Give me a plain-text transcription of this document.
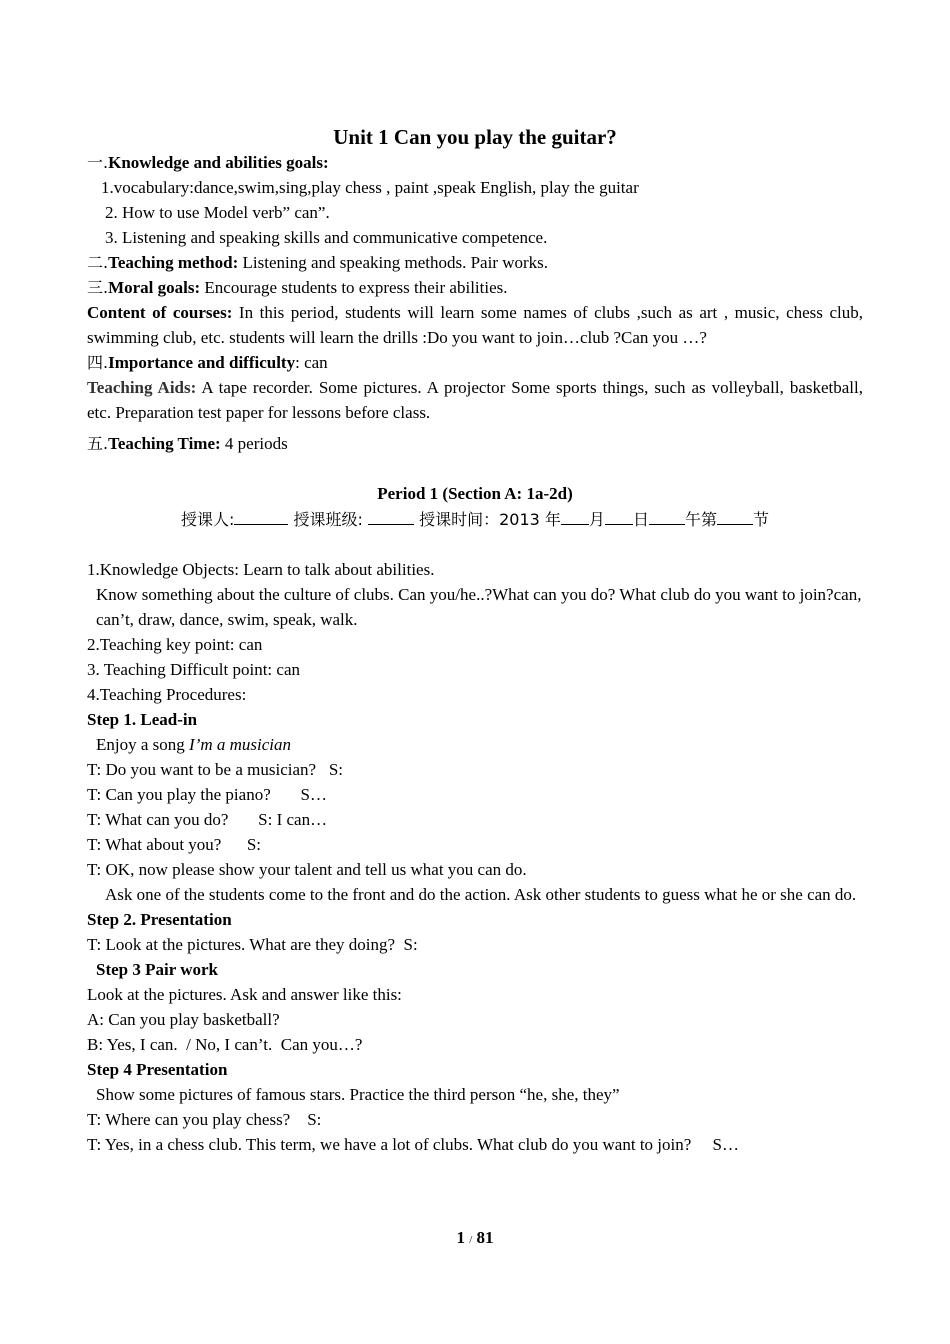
Unit 1 Can you play the guitar?
一.Knowledge and abilities goals:
1.vocabulary:dance,swim,sing,play chess , paint ,speak English, play the guitar
2. How to use Model verb” can”.
3. Listening and speaking skills and communicative competence.
二.Teaching method: Listening and speaking methods. Pair works.
三.Moral goals: Encourage students to express their abilities.
Content of courses: In this period, students will learn some names of clubs ,such as art , music, chess club, swimming club, etc. students will learn the drills :Do you want to join…club ?Can you …?
四.Importance and difficulty: can
Teaching Aids: A tape recorder. Some pictures. A projector Some sports things, such as volleyball, basketball, etc. Preparation test paper for lessons before class.
五.Teaching Time: 4 periods
Period 1 (Section A: 1a-2d)
授课人:	授课班级:	授课时间：2013 年 月 日 午第 节
1.Knowledge Objects: Learn to talk about abilities.
Know something about the culture of clubs. Can you/he..?What can you do? What club do you want to join?can, can’t, draw, dance, swim, speak, walk.
2.Teaching key point: can
3. Teaching Difficult point: can
4.Teaching Procedures:
Step 1. Lead-in
Enjoy a song I’m a musician
T: Do you want to be a musician?   S:
T: Can you play the piano?       S…
T: What can you do?       S: I can…
T: What about you?      S:
T: OK, now please show your talent and tell us what you can do.
Ask one of the students come to the front and do the action. Ask other students to guess what he or she can do.
Step 2. Presentation
T: Look at the pictures. What are they doing?  S:
Step 3 Pair work
Look at the pictures. Ask and answer like this:
A: Can you play basketball?
B: Yes, I can.  / No, I can’t.  Can you…?
Step 4 Presentation
Show some pictures of famous stars. Practice the third person “he, she, they”
T: Where can you play chess?    S:
T: Yes, in a chess club. This term, we have a lot of clubs. What club do you want to join?     S…
1 / 81
